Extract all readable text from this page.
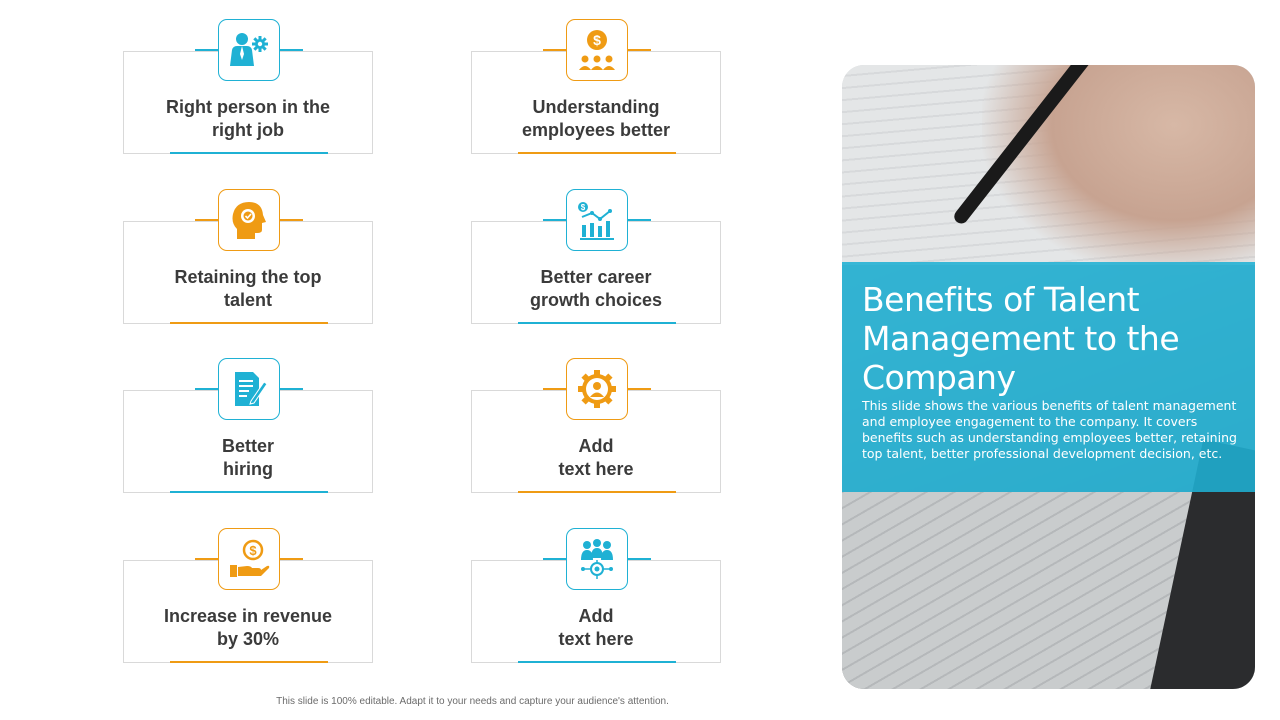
Right person in the
right job
$
Understanding
employees better
Retaining the top
talent
$
Better career
growth choices
Better
hiring
Add
text here
$
Increase in revenue
by 30%
Add
text here
Benefits of Talent Management to the Company
This slide shows the various benefits of talent management and employee engagement to the company. It covers benefits such as understanding employees better, retaining top talent, better professional development decision, etc.
This slide is 100% editable. Adapt it to your needs and capture your audience's attention.
